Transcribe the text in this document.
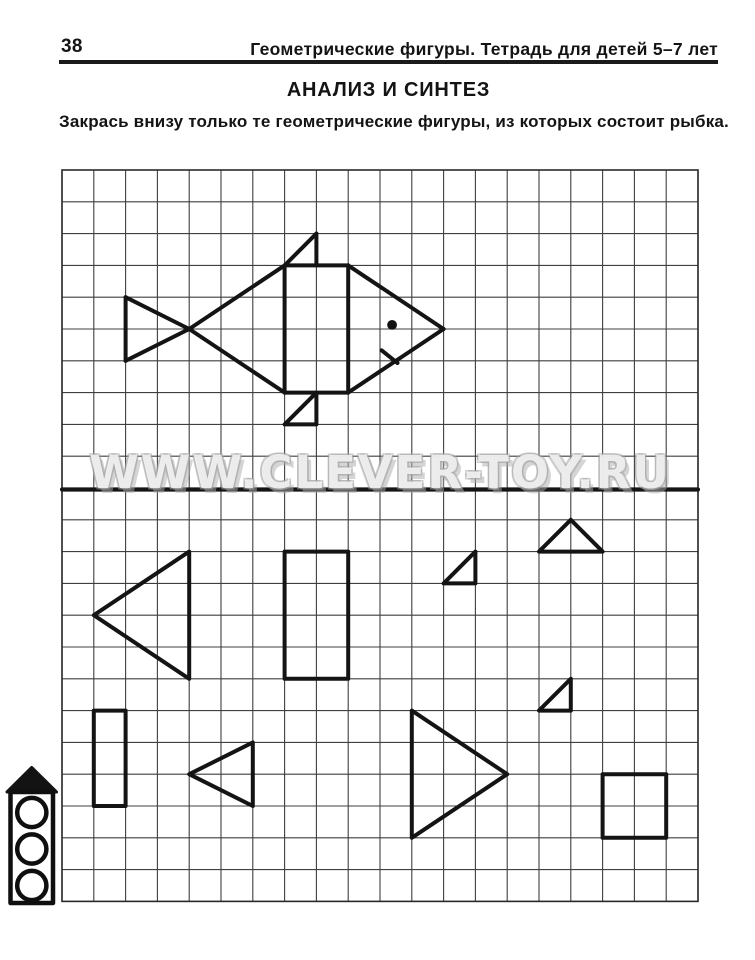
38	Геометрические фигуры. Тетрадь для детей 5–7 лет
АНАЛИЗ И СИНТЕЗ
Закрась внизу только те геометрические фигуры, из которых состоит рыбка.
WWW.CLEVER-TOY.RU
